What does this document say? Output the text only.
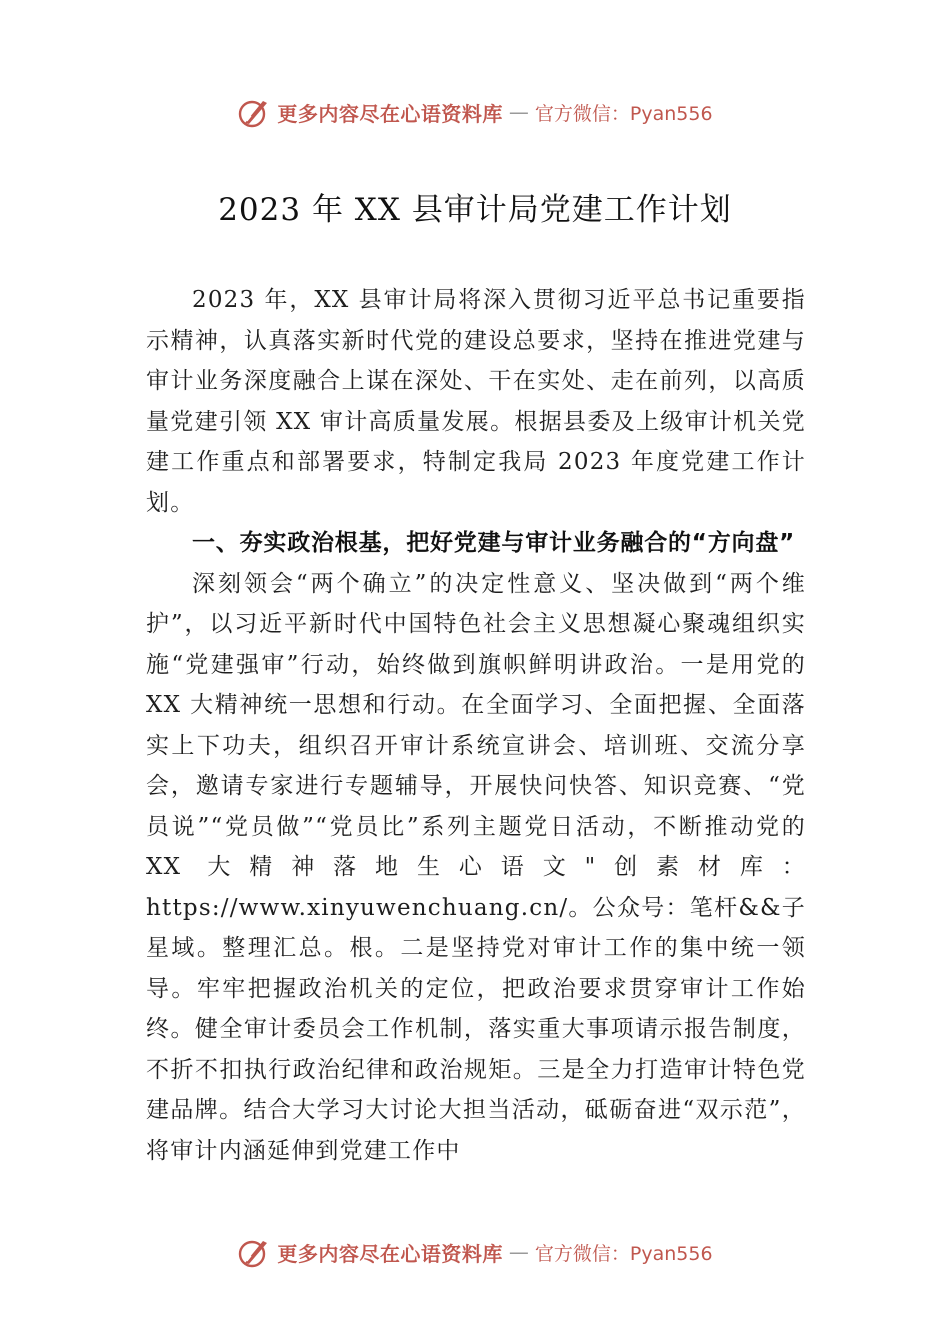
更多内容尽在心语资料库 — 官方微信：Pyan556
2023 年 XX 县审计局党建工作计划

2023 年，XX 县审计局将深入贯彻习近平总书记重要指示精神，认真落实新时代党的建设总要求，坚持在推进党建与审计业务深度融合上谋在深处、干在实处、走在前列，以高质量党建引领 XX 审计高质量发展。根据县委及上级审计机关党建工作重点和部署要求，特制定我局 2023 年度党建工作计划。

一、夯实政治根基，把好党建与审计业务融合的“方向盘”

深刻领会“两个确立”的决定性意义、坚决做到“两个维护”，以习近平新时代中国特色社会主义思想凝心聚魂组织实施“党建强审”行动，始终做到旗帜鲜明讲政治。一是用党的 XX 大精神统一思想和行动。在全面学习、全面把握、全面落实上下功夫，组织召开审计系统宣讲会、培训班、交流分享会，邀请专家进行专题辅导，开展快问快答、知识竞赛、“党员说”“党员做”“党员比”系列主题党日活动，不断推动党的 XX 大精神落地生心语文"创素材库：https://www.xinyuwenchuang.cn/。公众号：笔杆&&子星域。整理汇总。根。二是坚持党对审计工作的集中统一领导。牢牢把握政治机关的定位，把政治要求贯穿审计工作始终。健全审计委员会工作机制，落实重大事项请示报告制度，不折不扣执行政治纪律和政治规矩。三是全力打造审计特色党建品牌。结合大学习大讨论大担当活动，砥砺奋进“双示范”，将审计内涵延伸到党建工作中

更多内容尽在心语资料库 — 官方微信：Pyan556
